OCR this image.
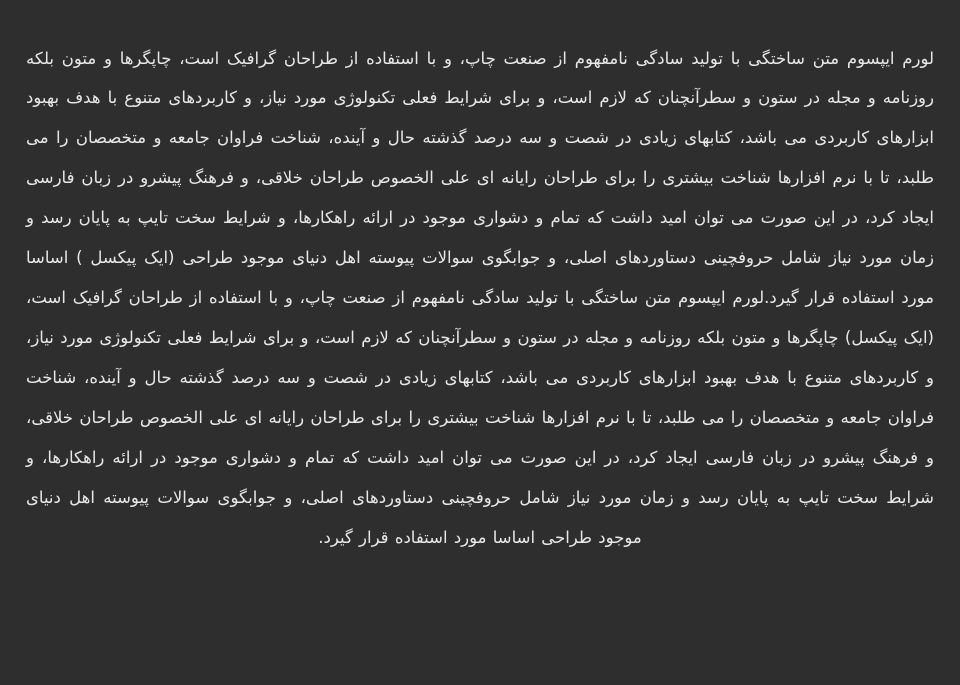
لورم ایپسوم متن ساختگی با تولید سادگی نامفهوم از صنعت چاپ، و با استفاده از طراحان گرافیک است، چاپگرها و متون بلکه روزنامه و مجله در ستون و سطرآنچنان که لازم است، و برای شرایط فعلی تکنولوژی مورد نیاز، و کاربردهای متنوع با هدف بهبود ابزارهای کاربردی می باشد، کتابهای زیادی در شصت و سه درصد گذشته حال و آینده، شناخت فراوان جامعه و متخصصان را می طلبد، تا با نرم افزارها شناخت بیشتری را برای طراحان رایانه ای علی الخصوص طراحان خلاقی، و فرهنگ پیشرو در زبان فارسی ایجاد کرد، در این صورت می توان امید داشت که تمام و دشواری موجود در ارائه راهکارها، و شرایط سخت تایپ به پایان رسد و زمان مورد نیاز شامل حروفچینی دستاوردهای اصلی، و جوابگوی سوالات پیوسته اهل دنیای موجود طراحی (ایک پیکسل ) اساسا مورد استفاده قرار گیرد.لورم ایپسوم متن ساختگی با تولید سادگی نامفهوم از صنعت چاپ، و با استفاده از طراحان گرافیک است، (ایک پیکسل) چاپگرها و متون بلکه روزنامه و مجله در ستون و سطرآنچنان که لازم است، و برای شرایط فعلی تکنولوژی مورد نیاز، و کاربردهای متنوع با هدف بهبود ابزارهای کاربردی می باشد، کتابهای زیادی در شصت و سه درصد گذشته حال و آینده، شناخت فراوان جامعه و متخصصان را می طلبد، تا با نرم افزارها شناخت بیشتری را برای طراحان رایانه ای علی الخصوص طراحان خلاقی، و فرهنگ پیشرو در زبان فارسی ایجاد کرد، در این صورت می توان امید داشت که تمام و دشواری موجود در ارائه راهکارها، و شرایط سخت تایپ به پایان رسد و زمان مورد نیاز شامل حروفچینی دستاوردهای اصلی، و جوابگوی سوالات پیوسته اهل دنیای موجود طراحی اساسا مورد استفاده قرار گیرد.
